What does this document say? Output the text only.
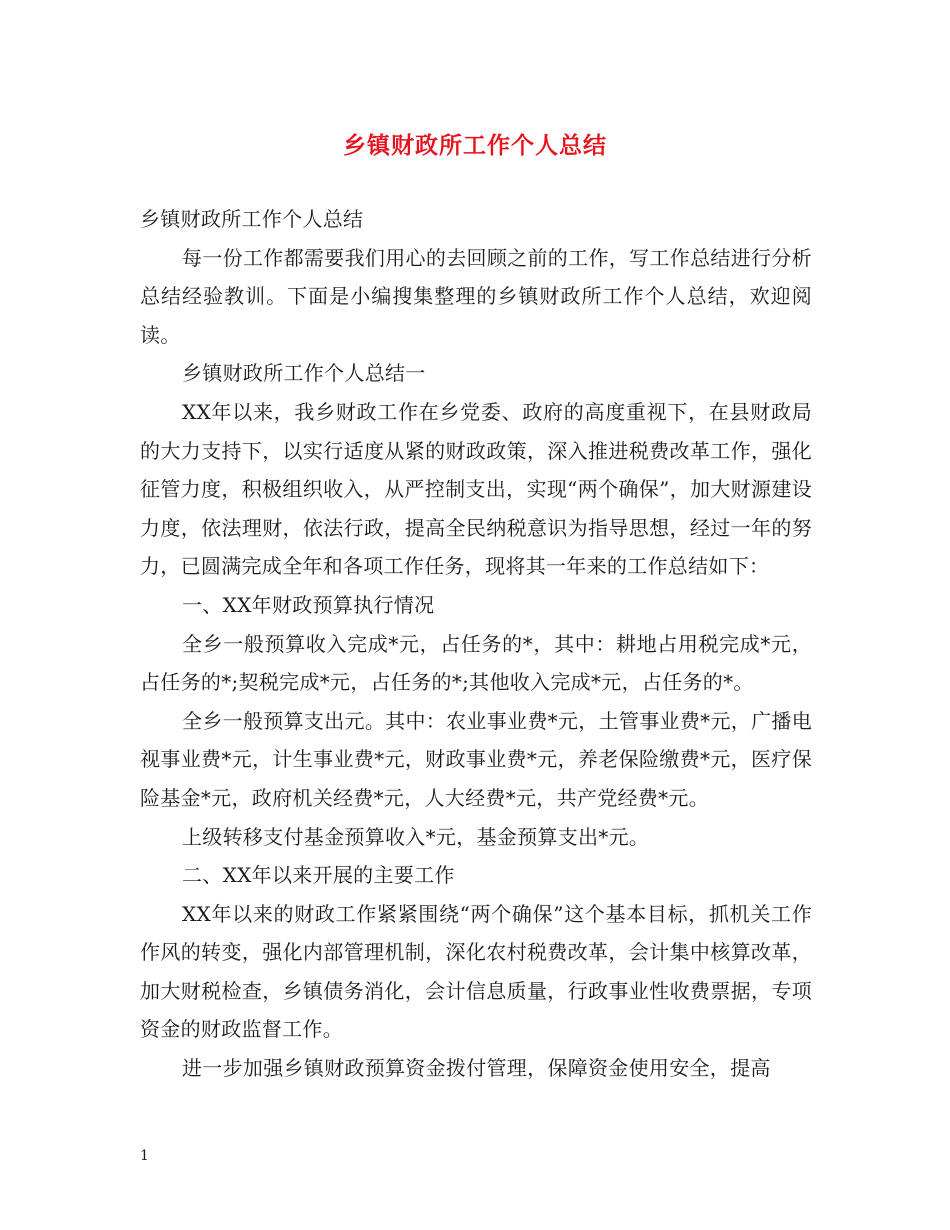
乡镇财政所工作个人总结

乡镇财政所工作个人总结

每一份工作都需要我们用心的去回顾之前的工作，写工作总结进行分析总结经验教训。下面是小编搜集整理的乡镇财政所工作个人总结，欢迎阅读。

乡镇财政所工作个人总结一

XX年以来，我乡财政工作在乡党委、政府的高度重视下，在县财政局的大力支持下，以实行适度从紧的财政政策，深入推进税费改革工作，强化征管力度，积极组织收入，从严控制支出，实现“两个确保”，加大财源建设力度，依法理财，依法行政，提高全民纳税意识为指导思想，经过一年的努力，已圆满完成全年和各项工作任务，现将其一年来的工作总结如下：

一、XX年财政预算执行情况

全乡一般预算收入完成*元，占任务的*，其中：耕地占用税完成*元，占任务的*;契税完成*元，占任务的*;其他收入完成*元，占任务的*。

全乡一般预算支出元。其中：农业事业费*元，土管事业费*元，广播电视事业费*元，计生事业费*元，财政事业费*元，养老保险缴费*元，医疗保险基金*元，政府机关经费*元，人大经费*元，共产党经费*元。

上级转移支付基金预算收入*元，基金预算支出*元。

二、XX年以来开展的主要工作

XX年以来的财政工作紧紧围绕“两个确保”这个基本目标，抓机关工作作风的转变，强化内部管理机制，深化农村税费改革，会计集中核算改革，加大财税检查，乡镇债务消化，会计信息质量，行政事业性收费票据，专项资金的财政监督工作。

进一步加强乡镇财政预算资金拨付管理，保障资金使用安全，提高

1
